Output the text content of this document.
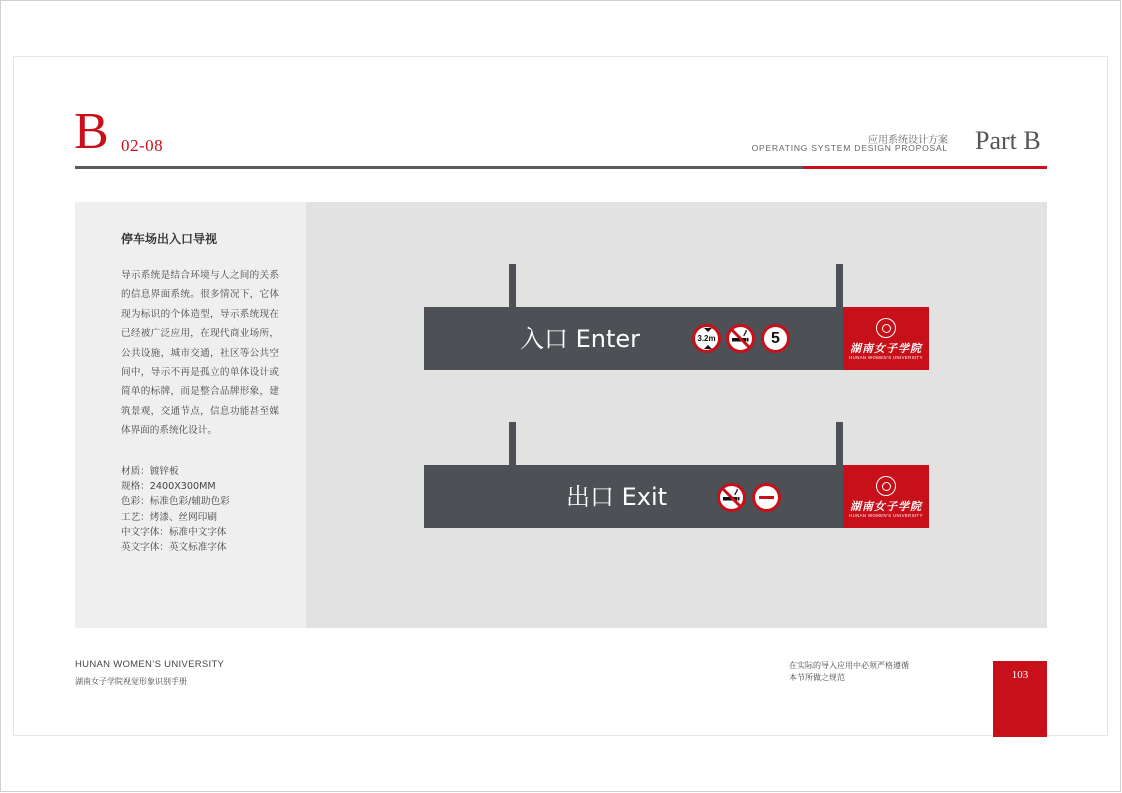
B 02-08	应用系统设计方案
OPERATING SYSTEM DESIGN PROPOSAL Part B
停车场出入口导视
导示系统是结合环境与人之间的关系的信息界面系统。很多情况下，它体现为标识的个体造型，导示系统现在已经被广泛应用，在现代商业场所，公共设施，城市交通，社区等公共空间中，导示不再是孤立的单体设计或简单的标牌，而是整合品牌形象，建筑景观，交通节点，信息功能甚至媒体界面的系统化设计。
材质：镀锌板
规格：2400X300MM
色彩：标准色彩/辅助色彩
工艺：烤漆、丝网印刷
中文字体：标准中文字体
英文字体：英文标准字体
入口 Enter	3.2m	5
湖南女子学院
HUNAN WOMEN'S UNIVERSITY
出口 Exit	湖南女子学院
HUNAN WOMEN'S UNIVERSITY
HUNAN WOMEN’S UNIVERSITY
湖南女子学院视觉形象识别手册
在实际的导入应用中必须严格遵循
本节所做之规范	103
